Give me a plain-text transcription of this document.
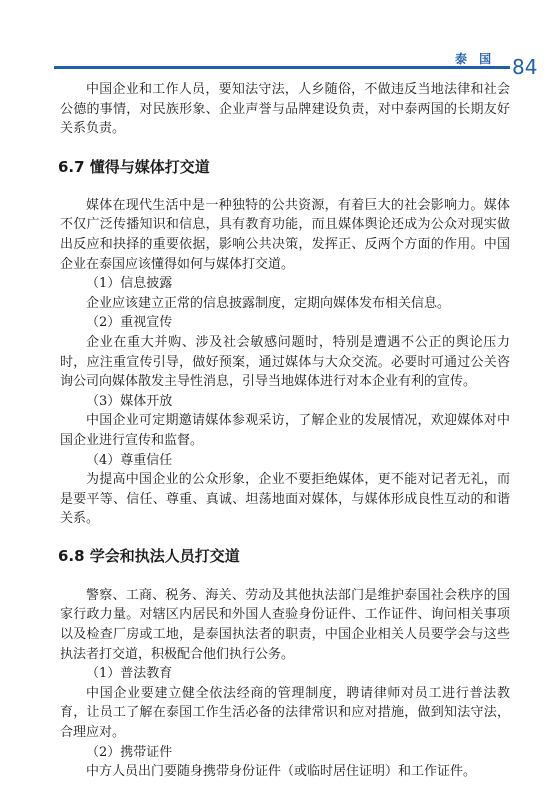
泰 国 84

中国企业和工作人员，要知法守法，人乡随俗，不做违反当地法律和社会公德的事情，对民族形象、企业声誉与品牌建设负责，对中泰两国的长期友好关系负责。

6.7 懂得与媒体打交道

媒体在现代生活中是一种独特的公共资源，有着巨大的社会影响力。媒体不仅广泛传播知识和信息，具有教育功能，而且媒体舆论还成为公众对现实做出反应和抉择的重要依据，影响公共决策，发挥正、反两个方面的作用。中国企业在泰国应该懂得如何与媒体打交道。

（1）信息披露

企业应该建立正常的信息披露制度，定期向媒体发布相关信息。

（2）重视宣传

企业在重大并购、涉及社会敏感问题时，特别是遭遇不公正的舆论压力时，应注重宣传引导，做好预案，通过媒体与大众交流。必要时可通过公关咨询公司向媒体散发主导性消息，引导当地媒体进行对本企业有利的宣传。

（3）媒体开放

中国企业可定期邀请媒体参观采访，了解企业的发展情况，欢迎媒体对中国企业进行宣传和监督。

（4）尊重信任

为提高中国企业的公众形象，企业不要拒绝媒体，更不能对记者无礼，而是要平等、信任、尊重、真诚、坦荡地面对媒体，与媒体形成良性互动的和谐关系。

6.8 学会和执法人员打交道

警察、工商、税务、海关、劳动及其他执法部门是维护泰国社会秩序的国家行政力量。对辖区内居民和外国人查验身份证件、工作证件、询问相关事项以及检查厂房或工地，是泰国执法者的职责，中国企业相关人员要学会与这些执法者打交道，积极配合他们执行公务。

（1）普法教育

中国企业要建立健全依法经商的管理制度，聘请律师对员工进行普法教育，让员工了解在泰国工作生活必备的法律常识和应对措施，做到知法守法，合理应对。

（2）携带证件

中方人员出门要随身携带身份证件（或临时居住证明）和工作证件。
